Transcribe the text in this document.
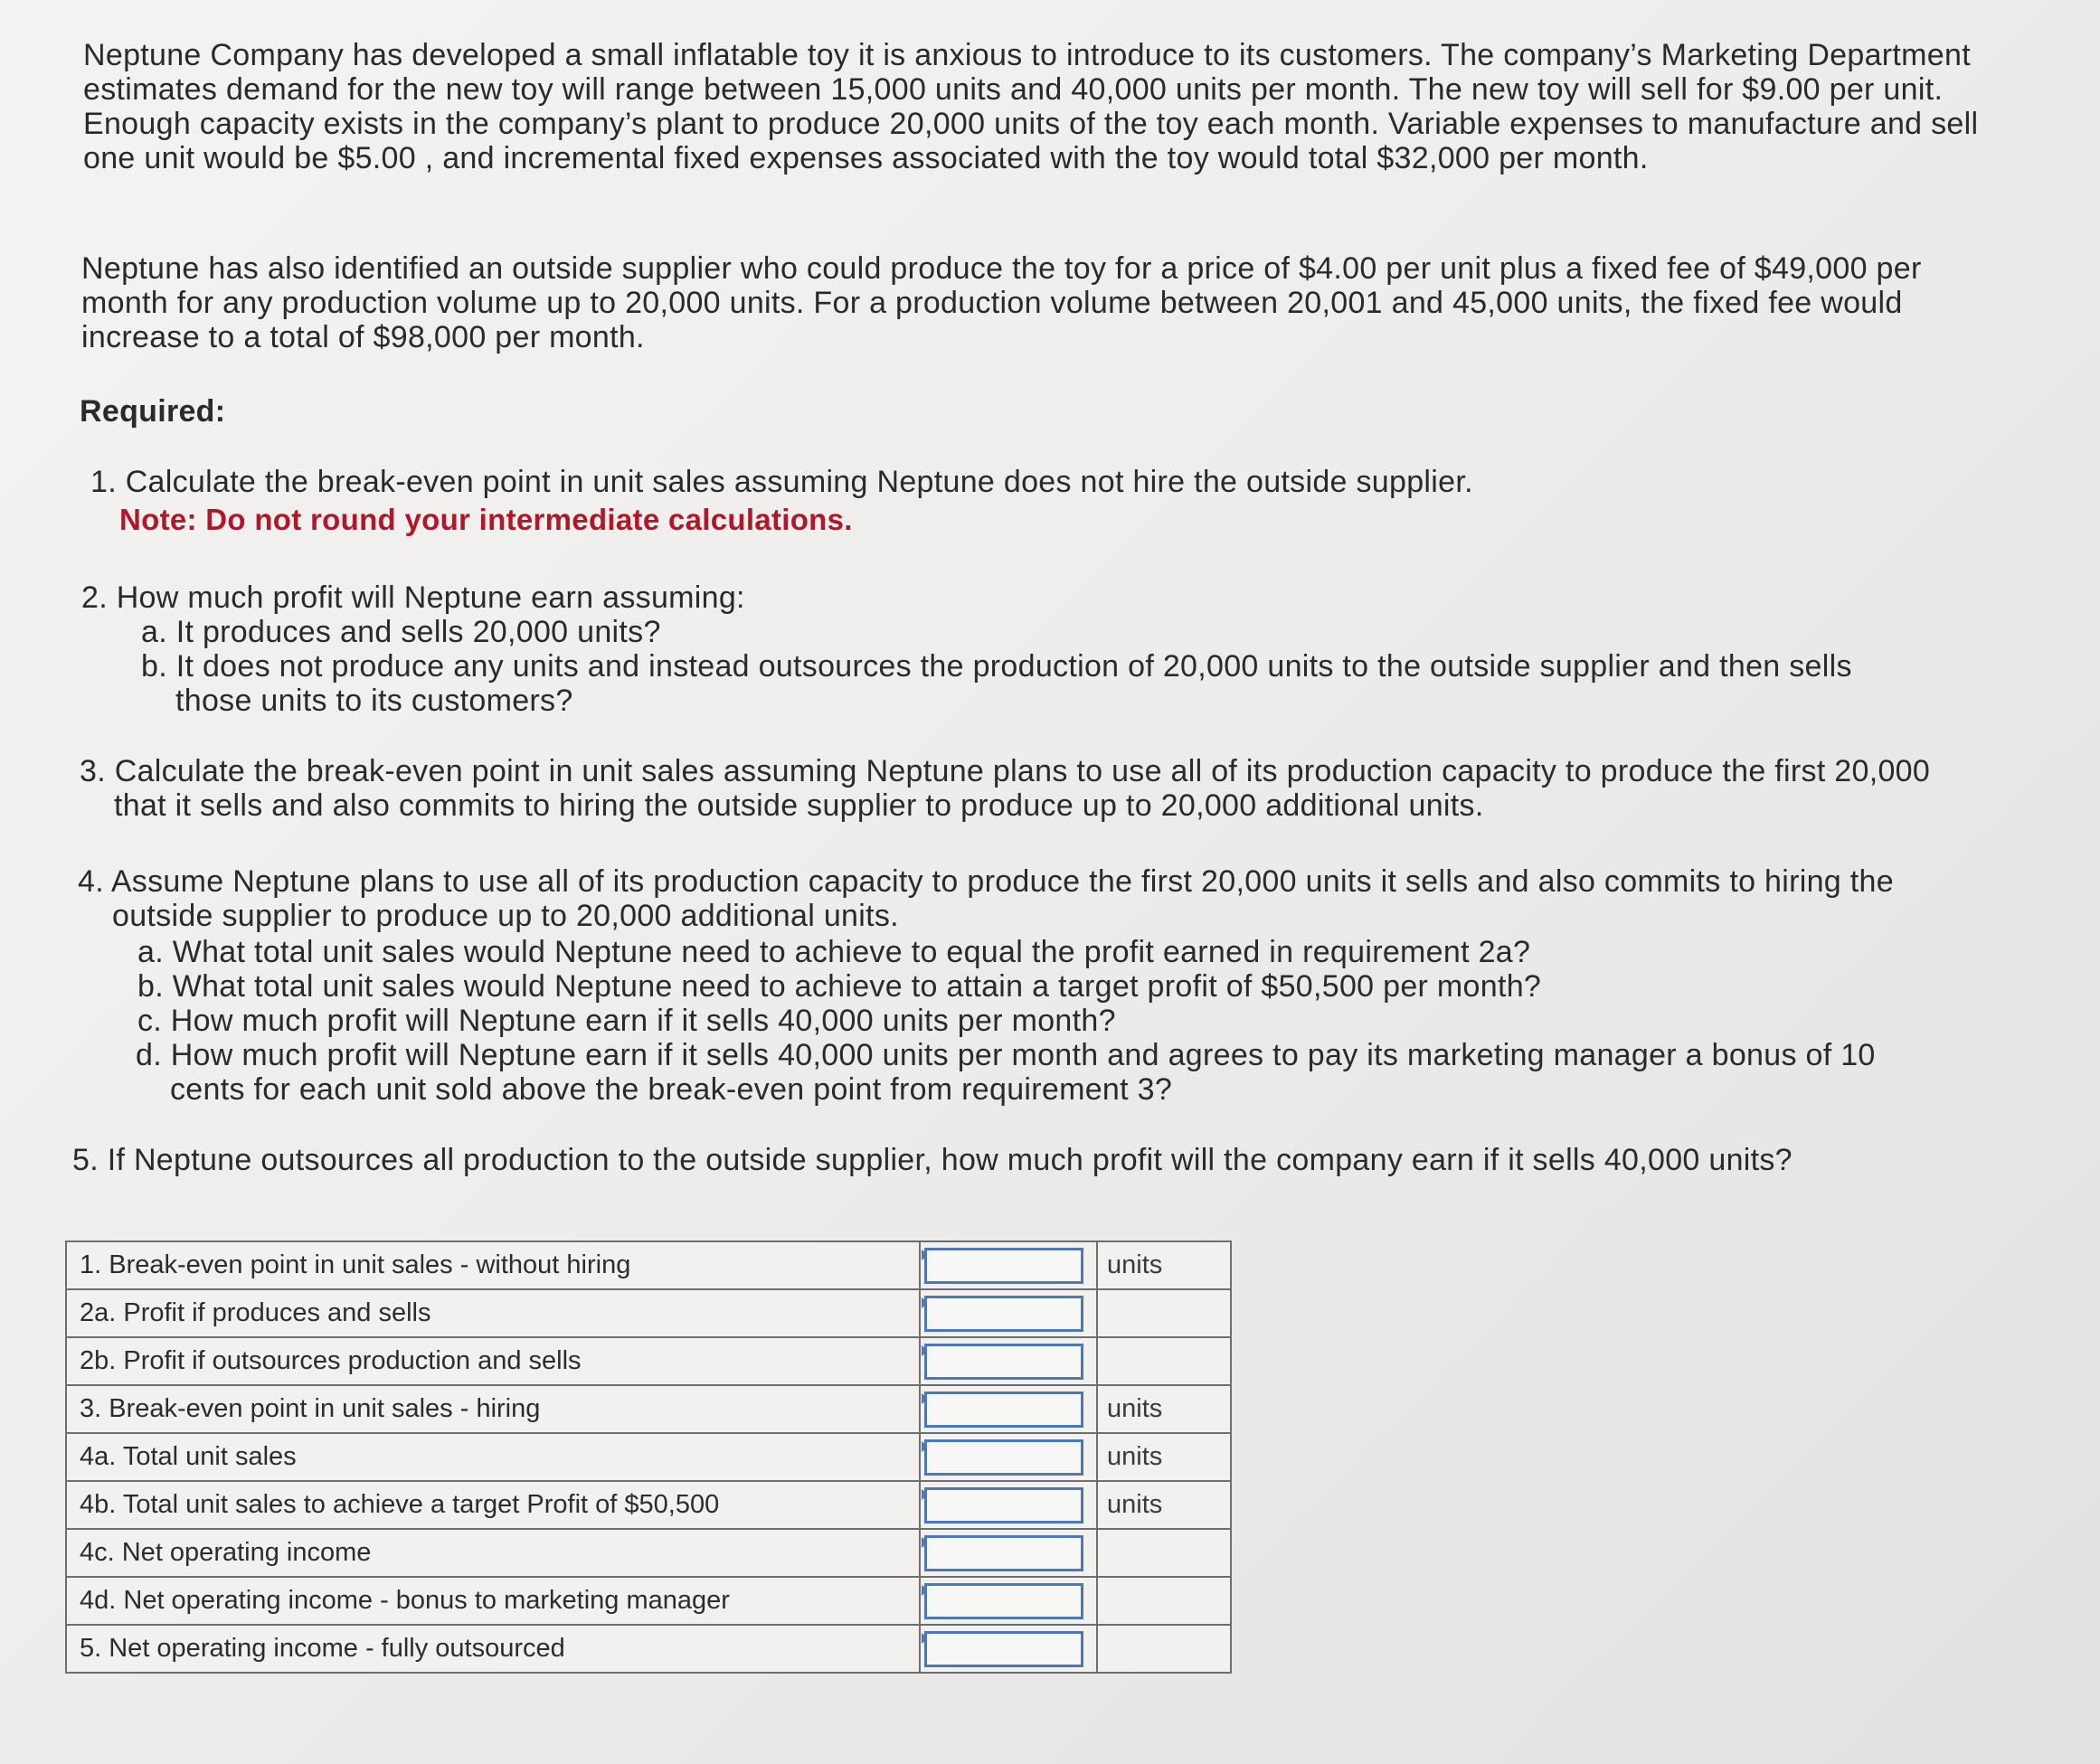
Neptune Company has developed a small inflatable toy it is anxious to introduce to its customers. The company’s Marketing Department estimates demand for the new toy will range between 15,000 units and 40,000 units per month. The new toy will sell for $9.00 per unit. Enough capacity exists in the company’s plant to produce 20,000 units of the toy each month. Variable expenses to manufacture and sell one unit would be $5.00 , and incremental fixed expenses associated with the toy would total $32,000 per month.
Neptune has also identified an outside supplier who could produce the toy for a price of $4.00 per unit plus a fixed fee of $49,000 per month for any production volume up to 20,000 units. For a production volume between 20,001 and 45,000 units, the fixed fee would increase to a total of $98,000 per month.
Required:
1. Calculate the break-even point in unit sales assuming Neptune does not hire the outside supplier.
Note: Do not round your intermediate calculations.
2. How much profit will Neptune earn assuming:
a. It produces and sells 20,000 units?
b. It does not produce any units and instead outsources the production of 20,000 units to the outside supplier and then sells
those units to its customers?
3. Calculate the break-even point in unit sales assuming Neptune plans to use all of its production capacity to produce the first 20,000
that it sells and also commits to hiring the outside supplier to produce up to 20,000 additional units.
4. Assume Neptune plans to use all of its production capacity to produce the first 20,000 units it sells and also commits to hiring the
outside supplier to produce up to 20,000 additional units.
a. What total unit sales would Neptune need to achieve to equal the profit earned in requirement 2a?
b. What total unit sales would Neptune need to achieve to attain a target profit of $50,500 per month?
c. How much profit will Neptune earn if it sells 40,000 units per month?
d. How much profit will Neptune earn if it sells 40,000 units per month and agrees to pay its marketing manager a bonus of 10
cents for each unit sold above the break-even point from requirement 3?
5. If Neptune outsources all production to the outside supplier, how much profit will the company earn if it sells 40,000 units?
1. Break-even point in unit sales - without hiring		units
2a. Profit if produces and sells	

2b. Profit if outsources production and sells	

3. Break-even point in unit sales - hiring		units
4a. Total unit sales		units
4b. Total unit sales to achieve a target Profit of $50,500		units
4c. Net operating income	

4d. Net operating income - bonus to marketing manager	

5. Net operating income - fully outsourced	
